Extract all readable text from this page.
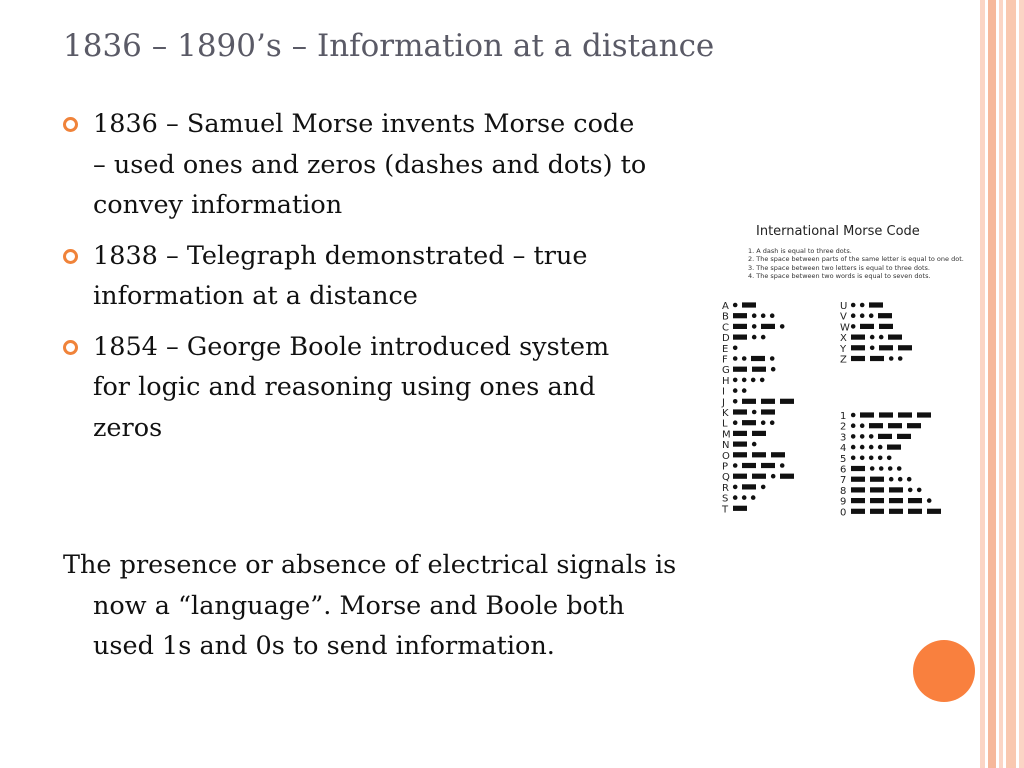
1836 – 1890’s – Information at a distance
1836 – Samuel Morse invents Morse code – used ones and zeros (dashes and dots) to convey information
1838 – Telegraph demonstrated – true information at a distance
1854 – George Boole introduced system for logic and reasoning using ones and zeros
The presence or absence of electrical signals is now a “language”. Morse and Boole both used 1s and 0s to send information.
International Morse Code
1. A dash is equal to three dots.
2. The space between parts of the same letter is equal to one dot.
3. The space between two letters is equal to three dots.
4. The space between two words is equal to seven dots.
A
B
C
D
E
F
G
H
I
J
K
L
M
N
O
P
Q
R
S
T
U
V
W
X
Y
Z
1
2
3
4
5
6
7
8
9
0
